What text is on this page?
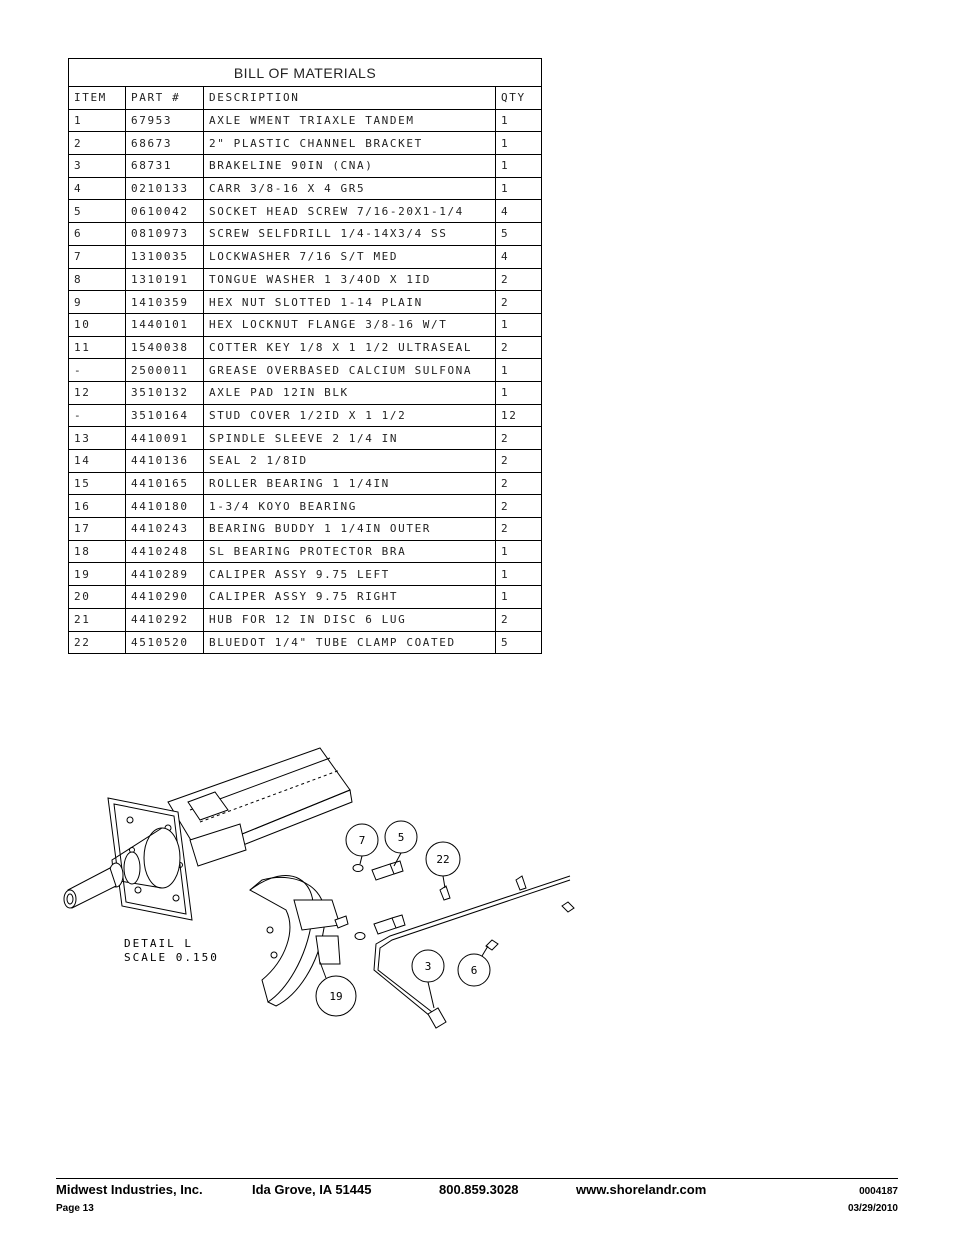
BILL OF MATERIALS			
ITEM	PART #	DESCRIPTION	QTY
1	67953	AXLE WMENT TRIAXLE TANDEM	1
2	68673	2" PLASTIC CHANNEL BRACKET	1
3	68731	BRAKELINE 90IN (CNA)	1
4	0210133	CARR 3/8-16 X 4 GR5	1
5	0610042	SOCKET HEAD SCREW 7/16-20X1-1/4	4
6	0810973	SCREW SELFDRILL 1/4-14X3/4 SS	5
7	1310035	LOCKWASHER 7/16 S/T MED	4
8	1310191	TONGUE WASHER 1 3/4OD X 1ID	2
9	1410359	HEX NUT SLOTTED 1-14 PLAIN	2
10	1440101	HEX LOCKNUT FLANGE 3/8-16 W/T	1
11	1540038	COTTER KEY 1/8 X 1 1/2 ULTRASEAL	2
-	2500011	GREASE OVERBASED CALCIUM SULFONA	1
12	3510132	AXLE PAD 12IN BLK	1
-	3510164	STUD COVER 1/2ID X 1 1/2	12
13	4410091	SPINDLE SLEEVE 2 1/4 IN	2
14	4410136	SEAL 2 1/8ID	2
15	4410165	ROLLER BEARING 1 1/4IN	2
16	4410180	1-3/4 KOYO BEARING	2
17	4410243	BEARING BUDDY 1 1/4IN OUTER	2
18	4410248	SL BEARING PROTECTOR BRA	1
19	4410289	CALIPER ASSY 9.75 LEFT	1
20	4410290	CALIPER ASSY 9.75 RIGHT	1
21	4410292	HUB FOR 12 IN DISC 6 LUG	2
22	4510520	BLUEDOT 1/4" TUBE CLAMP COATED	5
7	5
22
3	6
19
DETAIL L
SCALE 0.150
Midwest Industries, Inc.	Ida Grove, IA 51445	800.859.3028	www.shorelandr.com	0004187
Page 13	03/29/2010
